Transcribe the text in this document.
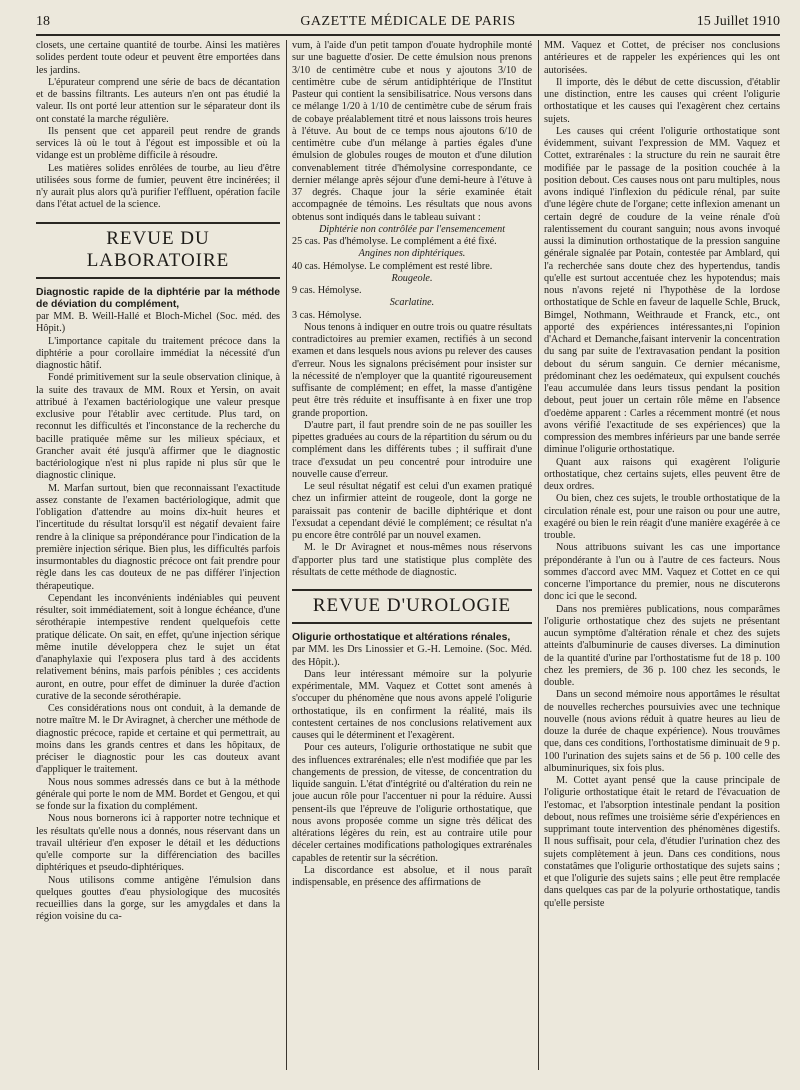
18	GAZETTE MÉDICALE DE PARIS	15 Juillet 1910

closets, une certaine quantité de tourbe. Ainsi les matières solides perdent toute odeur et peuvent être emportées dans les jardins.

L'épurateur comprend une série de bacs de décantation et de bassins filtrants. Les auteurs n'en ont pas étudié la valeur. Ils ont porté leur attention sur le séparateur dont ils ont constaté la marche régulière.

Ils pensent que cet appareil peut rendre de grands services là où le tout à l'égout est impossible et où la vidange est un problème difficile à résoudre.

Les matières solides enrôlées de tourbe, au lieu d'être utilisées sous forme de fumier, peuvent être incinérées; il n'y aurait plus alors qu'à purifier l'effluent, opération facile dans l'état actuel de la science.

REVUE DU LABORATOIRE

Diagnostic rapide de la diphtérie par la méthode de déviation du complément,

par MM. B. Weill-Hallé et Bloch-Michel (Soc. méd. des Hôpit.)

L'importance capitale du traitement précoce dans la diphtérie a pour corollaire immédiat la nécessité d'un diagnostic hâtif.

Fondé primitivement sur la seule observation clinique, à la suite des travaux de MM. Roux et Yersin, on avait attribué à l'examen bactériologique une valeur presque exclusive pour l'établir avec certitude. Plus tard, on reconnut les difficultés et l'inconstance de la recherche du bacille pratiquée même sur les milieux spéciaux, et Grancher avait été jusqu'à affirmer que le diagnostic bactériologique n'est ni plus rapide ni plus sûr que le diagnostic clinique.

M. Marfan surtout, bien que reconnaissant l'exactitude assez constante de l'examen bactériologique, admit que l'obligation d'attendre au moins dix-huit heures et l'incertitude du résultat lorsqu'il est négatif devaient faire rendre à la clinique sa prépondérance pour l'indication de la première injection sérique. Bien plus, les difficultés parfois insurmontables du diagnostic précoce ont fait prendre pour règle dans les cas douteux de ne pas différer l'injection thérapeutique.

Cependant les inconvénients indéniables qui peuvent résulter, soit immédiatement, soit à longue échéance, d'une sérothérapie intempestive rendent quelquefois cette pratique délicate. On sait, en effet, qu'une injection sérique même inutile développera chez le sujet un état d'anaphylaxie qui l'exposera plus tard à des accidents relativement bénins, mais parfois pénibles ; ces accidents auront, en outre, pour effet de diminuer la durée d'action curative de la seconde sérothérapie.

Ces considérations nous ont conduit, à la demande de notre maître M. le Dr Aviragnet, à chercher une méthode de diagnostic précoce, rapide et certaine et qui permettrait, au moins dans les grands centres et dans les hôpitaux, de préciser le diagnostic pour les cas douteux avant d'appliquer le traitement.

Nous nous sommes adressés dans ce but à la méthode générale qui porte le nom de MM. Bordet et Gengou, et qui se fonde sur la fixation du complément.

Nous nous bornerons ici à rapporter notre technique et les résultats qu'elle nous a donnés, nous réservant dans un travail ultérieur d'en exposer le détail et les déductions qu'elle comporte sur la différenciation des bacilles diphtériques et pseudo-diphtériques.

Nous utilisons comme antigène l'émulsion dans quelques gouttes d'eau physiologique des mucosités recueillies dans la gorge, sur les amygdales et dans la région voisine du ca-

vum, à l'aide d'un petit tampon d'ouate hydrophile monté sur une baguette d'osier. De cette émulsion nous prenons 3/10 de centimètre cube et nous y ajoutons 3/10 de centimètre cube de sérum antidiphtérique de l'Institut Pasteur qui contient la sensibilisatrice. Nous versons dans ce mélange 1/20 à 1/10 de centimètre cube de sérum frais de cobaye préalablement titré et nous laissons trois heures à l'étuve. Au bout de ce temps nous ajoutons 6/10 de centimètre cube d'un mélange à parties égales d'une émulsion de globules rouges de mouton et d'une dilution convenablement titrée d'hémolysine correspondante, ce dernier mélange après séjour d'une demi-heure à l'étuve à 37 degrés. Chaque jour la série examinée était accompagnée de témoins. Les résultats que nous avons obtenus sont indiqués dans le tableau suivant :

Diphtérie non contrôlée par l'ensemencement

25 cas. Pas d'hémolyse. Le complément a été fixé.

Angines non diphtériques.

40 cas. Hémolyse. Le complément est resté libre.

Rougeole.

9 cas. Hémolyse.

Scarlatine.

3 cas. Hémolyse.

Nous tenons à indiquer en outre trois ou quatre résultats contradictoires au premier examen, rectifiés à un second examen et dans lesquels nous avions pu relever des causes d'erreur. Nous les signalons précisément pour insister sur la nécessité de n'employer que la quantité rigoureusement suffisante de complément; en effet, la masse d'antigène peut être très réduite et insuffisante à en fixer une trop grande proportion.

D'autre part, il faut prendre soin de ne pas souiller les pipettes graduées au cours de la répartition du sérum ou du complément dans les différents tubes ; il suffirait d'une trace d'exsudat un peu concentré pour introduire une nouvelle cause d'erreur.

Le seul résultat négatif est celui d'un examen pratiqué chez un infirmier atteint de rougeole, dont la gorge ne paraissait pas contenir de bacille diphtérique et dont l'exsudat a cependant dévié le complément; ce résultat n'a pu encore être contrôlé par un nouvel examen.

M. le Dr Aviragnet et nous-mêmes nous réservons d'apporter plus tard une statistique plus complète des résultats de cette méthode de diagnostic.

REVUE D'UROLOGIE

Oligurie orthostatique et altérations rénales,

par MM. les Drs Linossier et G.-H. Lemoine. (Soc. Méd. des Hôpit.).

Dans leur intéressant mémoire sur la polyurie expérimentale, MM. Vaquez et Cottet sont amenés à s'occuper du phénomène que nous avons appelé l'oligurie orthostatique, ils en confirment la réalité, mais ils contestent certaines de nos conclusions relativement aux causes qui le déterminent et l'exagèrent.

Pour ces auteurs, l'oligurie orthostatique ne subit que des influences extrarénales; elle n'est modifiée que par les changements de pression, de vitesse, de concentration du liquide sanguin. L'état d'intégrité ou d'altération du rein ne joue aucun rôle pour l'accentuer ni pour la réduire. Aussi pensent-ils que l'épreuve de l'oligurie orthostatique, que nous avons proposée comme un signe très délicat des altérations légères du rein, est au contraire utile pour déceler certaines modifications pathologiques extrarénales capables de retentir sur la sécrétion.

La discordance est absolue, et il nous paraît indispensable, en présence des affirmations de

MM. Vaquez et Cottet, de préciser nos conclusions antérieures et de rappeler les expériences qui les ont autorisées.

Il importe, dès le début de cette discussion, d'établir une distinction, entre les causes qui créent l'oligurie orthostatique et les causes qui l'exagèrent chez certains sujets.

Les causes qui créent l'oligurie orthostatique sont évidemment, suivant l'expression de MM. Vaquez et Cottet, extrarénales : la structure du rein ne saurait être modifiée par le passage de la position couchée à la position debout. Ces causes nous ont paru multiples, nous avons indiqué l'inflexion du pédicule rénal, par suite d'une légère chute de l'organe; cette inflexion amenant un certain degré de coudure de la veine rénale d'où ralentissement du courant sanguin; nous avons invoqué aussi la diminution orthostatique de la pression sanguine générale signalée par Potain, contestée par Amblard, qui l'a recherchée sans doute chez des hypertendus, tandis qu'elle est surtout accentuée chez les hypotendus; mais nous n'avons rejeté ni l'hypothèse de la lordose orthostatique de Schle en faveur de laquelle Schle, Bruck, Bimgel, Nothmann, Weithraude et Franck, etc., ont apporté des expériences intéressantes,ni l'opinion d'Achard et Demanche,faisant intervenir la concentration du sang par suite de l'extravasation pendant la position debout du sérum sanguin. Ce dernier mécanisme, prédominant chez les oedémateux, qui expulsent couchés l'eau accumulée dans leurs tissus pendant la position debout, peut jouer un certain rôle même en l'absence d'oedème apparent : Carles a récemment montré (et nous avons vérifié l'exactitude de ses expériences) que la compression des membres inférieurs par une bande serrée diminue l'oligurie orthostatique.

Quant aux raisons qui exagèrent l'oligurie orthostatique, chez certains sujets, elles peuvent être de deux ordres.

Ou bien, chez ces sujets, le trouble orthostatique de la circulation rénale est, pour une raison ou pour une autre, exagéré ou bien le rein réagit d'une manière exagérée à ce trouble.

Nous attribuons suivant les cas une importance prépondérante à l'un ou à l'autre de ces facteurs. Nous sommes d'accord avec MM. Vaquez et Cottet en ce qui concerne l'importance du premier, nous ne discuterons donc ici que le second.

Dans nos premières publications, nous comparâmes l'oligurie orthostatique chez des sujets ne présentant aucun symptôme d'altération rénale et chez des sujets atteints d'albuminurie de causes diverses. La diminution de la quantité d'urine par l'orthostatisme fut de 18 p. 100 chez les premiers, de 36 p. 100 chez les seconds, le double.

Dans un second mémoire nous apportâmes le résultat de nouvelles recherches poursuivies avec une technique nouvelle (nous avions réduit à quatre heures au lieu de douze la durée de chaque expérience). Nous trouvâmes que, dans ces conditions, l'orthostatisme diminuait de 9 p. 100 l'urination des sujets sains et de 56 p. 100 celle des albuminuriques, six fois plus.

M. Cottet ayant pensé que la cause principale de l'oligurie orthostatique était le retard de l'évacuation de l'estomac, et l'absorption intestinale pendant la position debout, nous refîmes une troisième série d'expériences en supprimant toute intervention des phénomènes digestifs. Il nous suffisait, pour cela, d'étudier l'urination chez des sujets complètement à jeun. Dans ces conditions, nous constatâmes que l'oligurie orthostatique des sujets sains ; et que l'oligurie des sujets sains ; elle peut être remplacée dans quelques cas par de la polyurie orthostatique, tandis qu'elle persiste
